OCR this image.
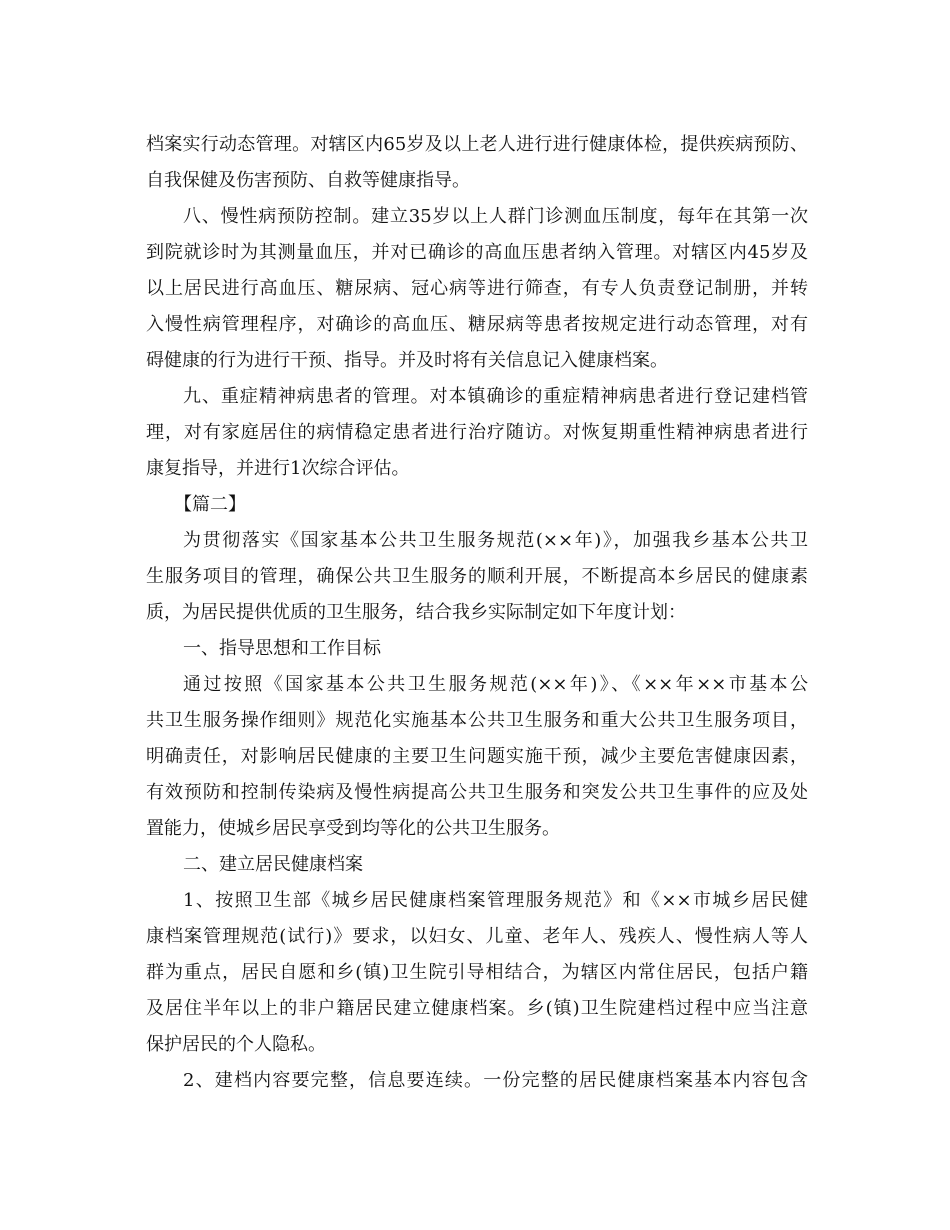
档案实行动态管理。对辖区内65岁及以上老人进行进行健康体检，提供疾病预防、
自我保健及伤害预防、自救等健康指导。
八、慢性病预防控制。建立35岁以上人群门诊测血压制度，每年在其第一次
到院就诊时为其测量血压，并对已确诊的高血压患者纳入管理。对辖区内45岁及
以上居民进行高血压、糖尿病、冠心病等进行筛查，有专人负责登记制册，并转
入慢性病管理程序，对确诊的高血压、糖尿病等患者按规定进行动态管理，对有
碍健康的行为进行干预、指导。并及时将有关信息记入健康档案。
九、重症精神病患者的管理。对本镇确诊的重症精神病患者进行登记建档管
理，对有家庭居住的病情稳定患者进行治疗随访。对恢复期重性精神病患者进行
康复指导，并进行1次综合评估。
【篇二】
为贯彻落实《国家基本公共卫生服务规范(××年)》，加强我乡基本公共卫
生服务项目的管理，确保公共卫生服务的顺利开展，不断提高本乡居民的健康素
质，为居民提供优质的卫生服务，结合我乡实际制定如下年度计划：
一、指导思想和工作目标
通过按照《国家基本公共卫生服务规范(××年)》、《××年××市基本公
共卫生服务操作细则》规范化实施基本公共卫生服务和重大公共卫生服务项目，
明确责任，对影响居民健康的主要卫生问题实施干预，减少主要危害健康因素，
有效预防和控制传染病及慢性病提高公共卫生服务和突发公共卫生事件的应及处
置能力，使城乡居民享受到均等化的公共卫生服务。
二、建立居民健康档案
1、按照卫生部《城乡居民健康档案管理服务规范》和《××市城乡居民健
康档案管理规范(试行)》要求，以妇女、儿童、老年人、残疾人、慢性病人等人
群为重点，居民自愿和乡(镇)卫生院引导相结合，为辖区内常住居民，包括户籍
及居住半年以上的非户籍居民建立健康档案。乡(镇)卫生院建档过程中应当注意
保护居民的个人隐私。
2、建档内容要完整，信息要连续。一份完整的居民健康档案基本内容包含
